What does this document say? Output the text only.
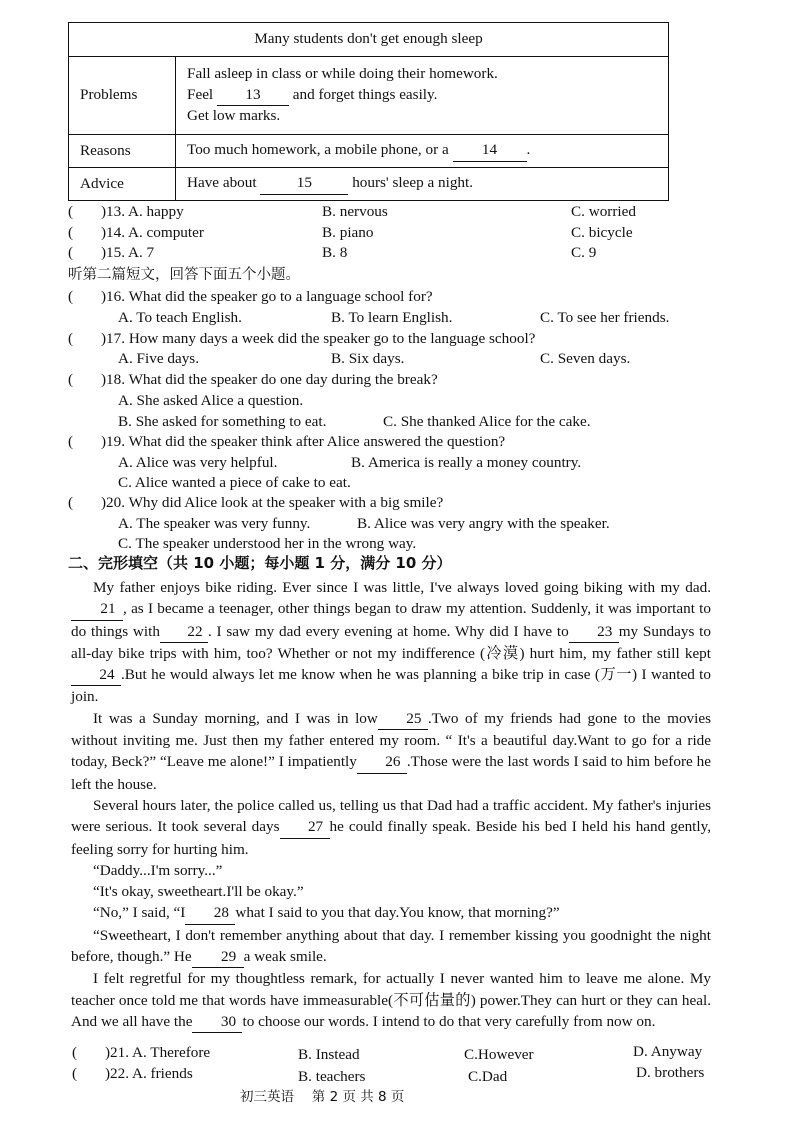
Many students don't get enough sleep	
Problems	Fall asleep in class or while doing their homework.
Feel 13 and forget things easily.
Get low marks.

Reasons	Too much homework, a mobile phone, or a 14 .
Advice	Have about 15 hours' sleep a night.
( )13. A. happy	B. nervous	C. worried
( )14. A. computer	B. piano	C. bicycle
( )15. A. 7	B. 8	C. 9
听第二篇短文，回答下面五个小题。
( )16. What did the speaker go to a language school for?
A. To teach English.	B. To learn English.	C. To see her friends.
( )17. How many days a week did the speaker go to the language school?
A. Five days.	B. Six days.	C. Seven days.
( )18. What did the speaker do one day during the break?
A. She asked Alice a question.
B. She asked for something to eat.	C. She thanked Alice for the cake.
( )19. What did the speaker think after Alice answered the question?
A. Alice was very helpful.	B. America is really a money country.
C. Alice wanted a piece of cake to eat.
( )20. Why did Alice look at the speaker with a big smile?
A. The speaker was very funny.	B. Alice was very angry with the speaker.
C. The speaker understood her in the wrong way.
二、完形填空（共 10 小题；每小题 1 分，满分 10 分）

My father enjoys bike riding. Ever since I was little, I've always loved going biking with my dad. 21 , as I became a teenager, other things began to draw my attention. Suddenly, it was important to do things with 22 . I saw my dad every evening at home. Why did I have to 23 my Sundays to all-day bike trips with him, too? Whether or not my indifference (冷漠) hurt him, my father still kept24 .But he would always let me know when he was planning a bike trip in case (万一) I wanted to join.

It was a Sunday morning, and I was in low 25 .Two of my friends had gone to the movies without inviting me. Just then my father entered my room. “ It's a beautiful day.Want to go for a ride today, Beck?” “Leave me alone!” I impatiently 26 .Those were the last words I said to him before he left the house.

Several hours later, the police called us, telling us that Dad had a traffic accident. My father's injuries were serious. It took several days 27 he could finally speak. Beside his bed I held his hand gently, feeling sorry for hurting him.

“Daddy...I'm sorry...”

“It's okay, sweetheart.I'll be okay.”

“No,” I said, “I 28 what I said to you that day.You know, that morning?”

“Sweetheart, I don't remember anything about that day. I remember kissing you goodnight the night before, though.” He 29 a weak smile.

I felt regretful for my thoughtless remark, for actually I never wanted him to leave me alone. My teacher once told me that words have immeasurable(不可估量的) power.They can hurt or they can heal. And we all have the 30 to choose our words. I intend to do that very carefully from now on.

( )21. A. Therefore	B. Instead	C.However	D. Anyway
( )22. A. friends	B. teachers	C.Dad	D. brothers
初三英语　 第 2 页 共 8 页
